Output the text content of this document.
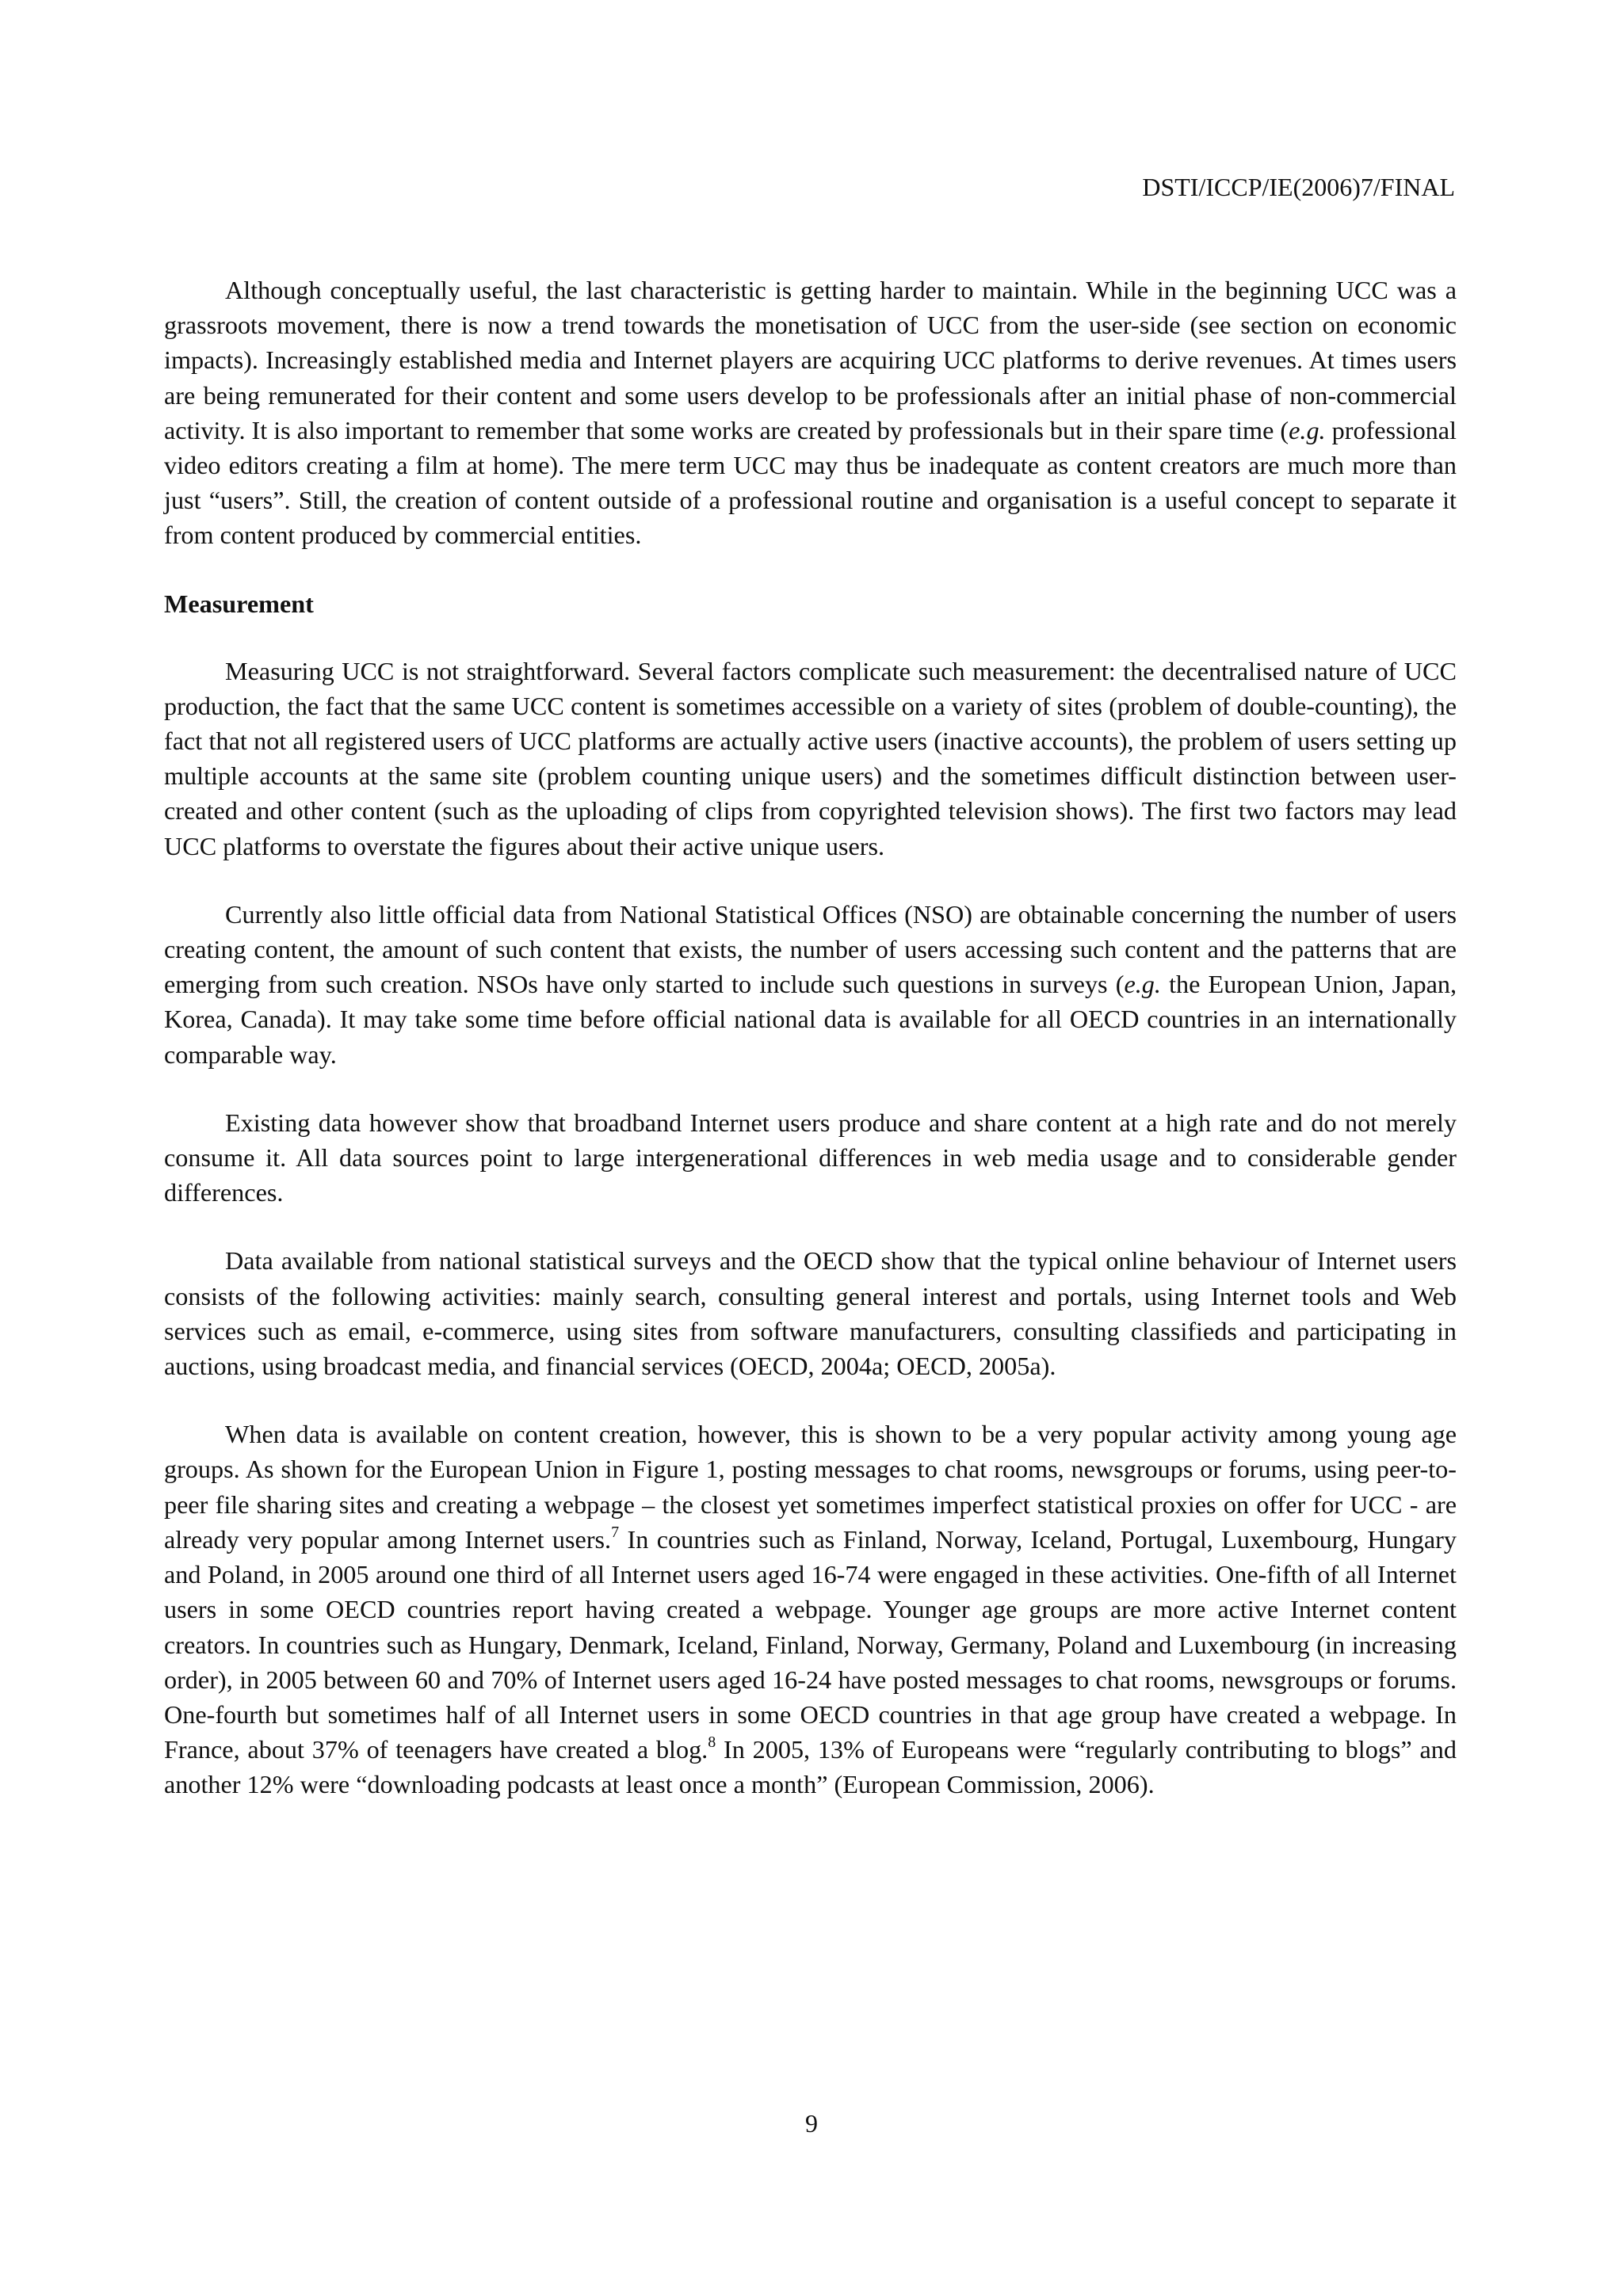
DSTI/ICCP/IE(2006)7/FINAL

Although conceptually useful, the last characteristic is getting harder to maintain. While in the beginning UCC was a grassroots movement, there is now a trend towards the monetisation of UCC from the user-side (see section on economic impacts). Increasingly established media and Internet players are acquiring UCC platforms to derive revenues. At times users are being remunerated for their content and some users develop to be professionals after an initial phase of non-commercial activity. It is also important to remember that some works are created by professionals but in their spare time (e.g. professional video editors creating a film at home). The mere term UCC may thus be inadequate as content creators are much more than just “users”. Still, the creation of content outside of a professional routine and organisation is a useful concept to separate it from content produced by commercial entities.

Measurement

Measuring UCC is not straightforward. Several factors complicate such measurement: the decentralised nature of UCC production, the fact that the same UCC content is sometimes accessible on a variety of sites (problem of double-counting), the fact that not all registered users of UCC platforms are actually active users (inactive accounts), the problem of users setting up multiple accounts at the same site (problem counting unique users) and the sometimes difficult distinction between user-created and other content (such as the uploading of clips from copyrighted television shows). The first two factors may lead UCC platforms to overstate the figures about their active unique users.

Currently also little official data from National Statistical Offices (NSO) are obtainable concerning the number of users creating content, the amount of such content that exists, the number of users accessing such content and the patterns that are emerging from such creation. NSOs have only started to include such questions in surveys (e.g. the European Union, Japan, Korea, Canada). It may take some time before official national data is available for all OECD countries in an internationally comparable way.

Existing data however show that broadband Internet users produce and share content at a high rate and do not merely consume it. All data sources point to large intergenerational differences in web media usage and to considerable gender differences.

Data available from national statistical surveys and the OECD show that the typical online behaviour of Internet users consists of the following activities: mainly search, consulting general interest and portals, using Internet tools and Web services such as email, e-commerce, using sites from software manufacturers, consulting classifieds and participating in auctions, using broadcast media, and financial services (OECD, 2004a; OECD, 2005a).

When data is available on content creation, however, this is shown to be a very popular activity among young age groups. As shown for the European Union in Figure 1, posting messages to chat rooms, newsgroups or forums, using peer-to-peer file sharing sites and creating a webpage – the closest yet sometimes imperfect statistical proxies on offer for UCC - are already very popular among Internet users.$^7$ In countries such as Finland, Norway, Iceland, Portugal, Luxembourg, Hungary and Poland, in 2005 around one third of all Internet users aged 16-74 were engaged in these activities. One-fifth of all Internet users in some OECD countries report having created a webpage. Younger age groups are more active Internet content creators. In countries such as Hungary, Denmark, Iceland, Finland, Norway, Germany, Poland and Luxembourg (in increasing order), in 2005 between 60 and 70% of Internet users aged 16-24 have posted messages to chat rooms, newsgroups or forums. One-fourth but sometimes half of all Internet users in some OECD countries in that age group have created a webpage. In France, about 37% of teenagers have created a blog.$^8$ In 2005, 13% of Europeans were “regularly contributing to blogs” and another 12% were “downloading podcasts at least once a month” (European Commission, 2006).

9
